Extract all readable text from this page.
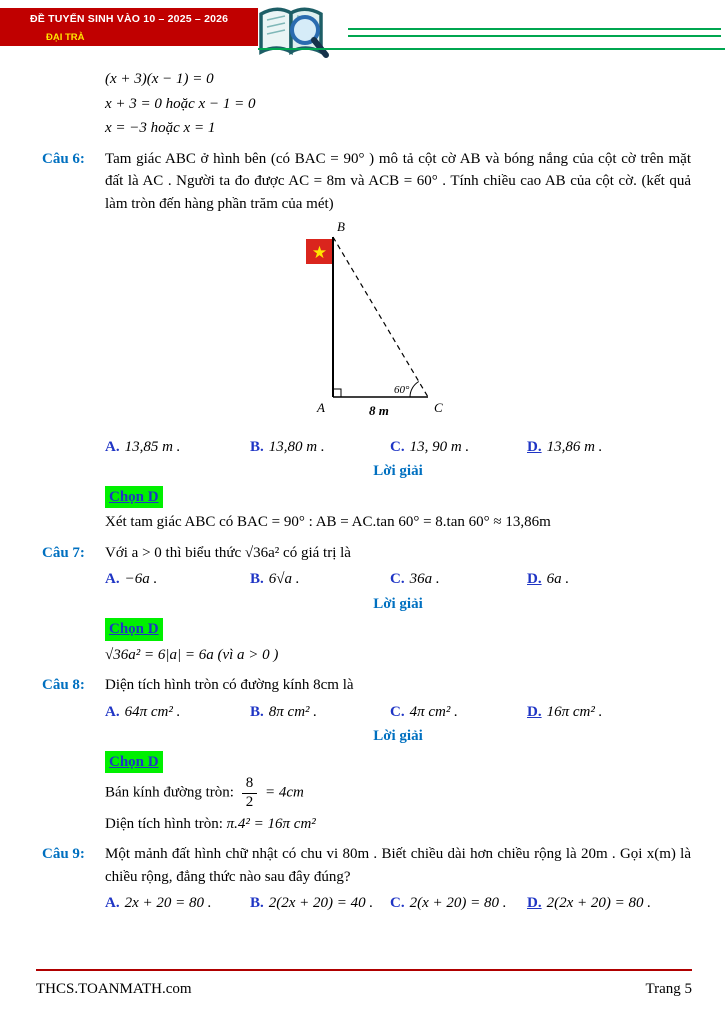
ĐỀ TUYỂN SINH VÀO 10 – 2025 – 2026
ĐẠI TRÀ
(x + 3)(x − 1) = 0
x + 3 = 0 hoặc x − 1 = 0
x = −3 hoặc x = 1
Câu 6:	Tam giác ABC ở hình bên (có BAC = 90° ) mô tả cột cờ AB và bóng nắng của cột cờ trên mặt đất là AC . Người ta đo được AC = 8m và ACB = 60° . Tính chiều cao AB của cột cờ. (kết quả làm tròn đến hàng phần trăm của mét)
★
B
A	C
60°
8 m
A. 13,85 m .	B. 13,80 m .	C. 13, 90 m .	D. 13,86 m .
Lời giải
Chọn D
Xét tam giác ABC có BAC = 90° : AB = AC.tan 60° = 8.tan 60° ≈ 13,86m
Câu 7:	Với a > 0 thì biểu thức √36a² có giá trị là
A. −6a .	B. 6√a .	C. 36a .	D. 6a .
Lời giải
Chọn D
√36a² = 6|a| = 6a (vì a > 0 )
Câu 8:	Diện tích hình tròn có đường kính 8cm là
A. 64π cm² .	B. 8π cm² .	C. 4π cm² .	D. 16π cm² .
Lời giải
Chọn D
Bán kính đường tròn: $\frac{8}{2} = 4cm$
Diện tích hình tròn: π.4² = 16π cm²
Câu 9:	Một mảnh đất hình chữ nhật có chu vi 80m . Biết chiều dài hơn chiều rộng là 20m . Gọi x(m) là chiều rộng, đẳng thức nào sau đây đúng?
A. 2x + 20 = 80 .	B. 2(2x + 20) = 40 .	C. 2(x + 20) = 80 .	D. 2(2x + 20) = 80 .
THCS.TOANMATH.com	Trang 5
